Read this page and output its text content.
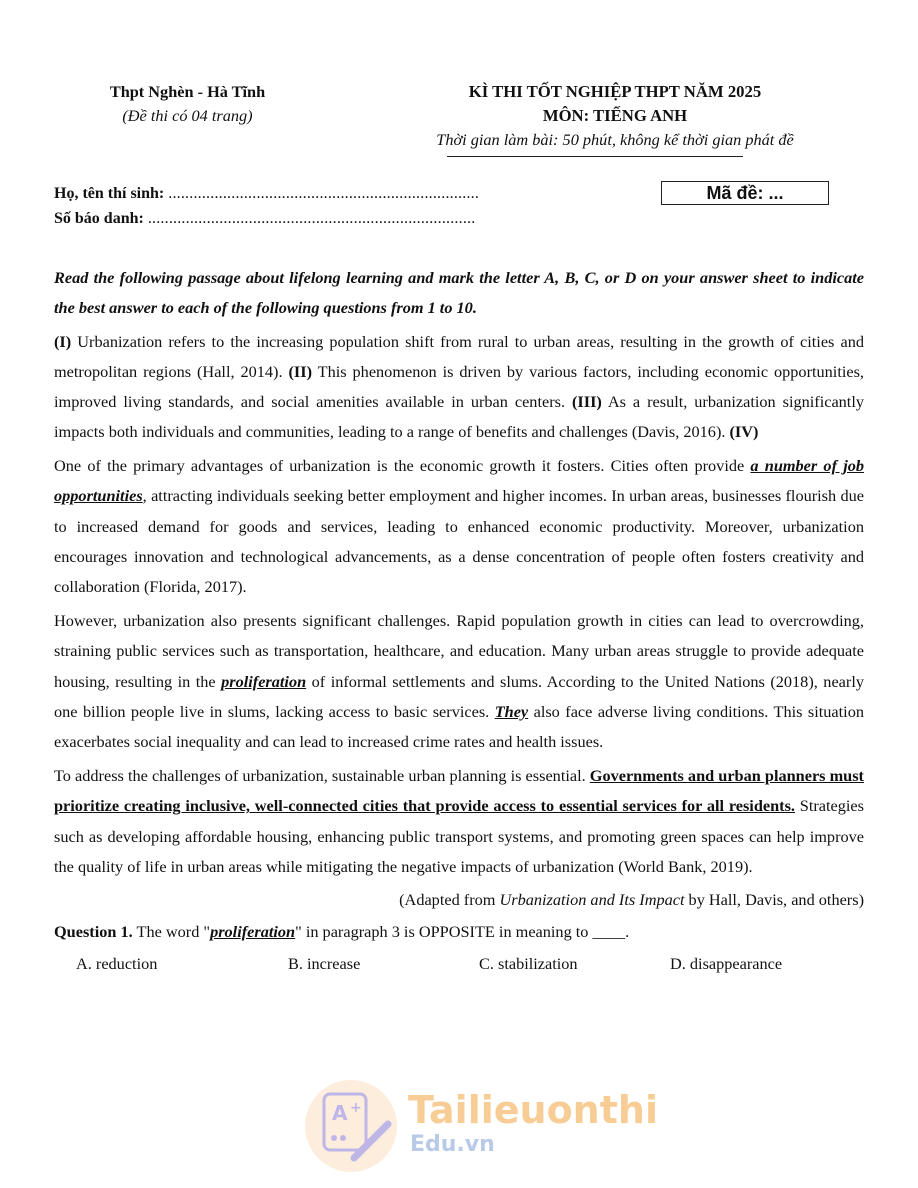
Thpt Nghèn - Hà Tĩnh
(Đề thi có 04 trang)
KÌ THI TỐT NGHIỆP THPT NĂM 2025
MÔN: TIẾNG ANH
Thời gian làm bài: 50 phút, không kể thời gian phát đề
Họ, tên thí sinh: ..........................................................................
Số báo danh: ..............................................................................
Mã đề: ...

Read the following passage about lifelong learning and mark the letter A, B, C, or D on your answer sheet to indicate the best answer to each of the following questions from 1 to 10.

(I) Urbanization refers to the increasing population shift from rural to urban areas, resulting in the growth of cities and metropolitan regions (Hall, 2014). (II) This phenomenon is driven by various factors, including economic opportunities, improved living standards, and social amenities available in urban centers. (III) As a result, urbanization significantly impacts both individuals and communities, leading to a range of benefits and challenges (Davis, 2016). (IV)

One of the primary advantages of urbanization is the economic growth it fosters. Cities often provide a number of job opportunities, attracting individuals seeking better employment and higher incomes. In urban areas, businesses flourish due to increased demand for goods and services, leading to enhanced economic productivity. Moreover, urbanization encourages innovation and technological advancements, as a dense concentration of people often fosters creativity and collaboration (Florida, 2017).

However, urbanization also presents significant challenges. Rapid population growth in cities can lead to overcrowding, straining public services such as transportation, healthcare, and education. Many urban areas struggle to provide adequate housing, resulting in the proliferation of informal settlements and slums. According to the United Nations (2018), nearly one billion people live in slums, lacking access to basic services. They also face adverse living conditions. This situation exacerbates social inequality and can lead to increased crime rates and health issues.

To address the challenges of urbanization, sustainable urban planning is essential. Governments and urban planners must prioritize creating inclusive, well-connected cities that provide access to essential services for all residents. Strategies such as developing affordable housing, enhancing public transport systems, and promoting green spaces can help improve the quality of life in urban areas while mitigating the negative impacts of urbanization (World Bank, 2019).

(Adapted from Urbanization and Its Impact by Hall, Davis, and others)
Question 1. The word "proliferation" in paragraph 3 is OPPOSITE in meaning to ____.
A. reduction	B. increase	C. stabilization	D. disappearance
A + Tailieuonthi
Edu.vn
